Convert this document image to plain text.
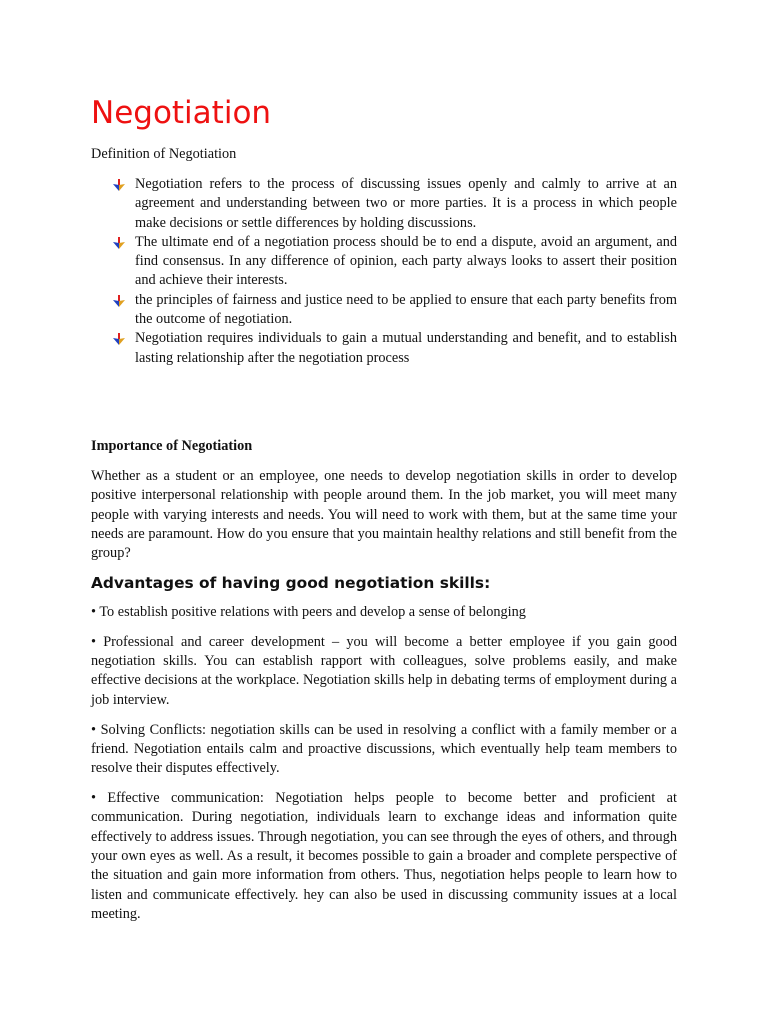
Negotiation

Definition of Negotiation

Negotiation refers to the process of discussing issues openly and calmly to arrive at an agreement and understanding between two or more parties. It is a process in which people make decisions or settle differences by holding discussions.
The ultimate end of a negotiation process should be to end a dispute, avoid an argument, and find consensus. In any difference of opinion, each party always looks to assert their position and achieve their interests.
the principles of fairness and justice need to be applied to ensure that each party benefits from the outcome of negotiation.
Negotiation requires individuals to gain a mutual understanding and benefit, and to establish lasting relationship after the negotiation process

Importance of Negotiation

Whether as a student or an employee, one needs to develop negotiation skills in order to develop positive interpersonal relationship with people around them. In the job market, you will meet many people with varying interests and needs. You will need to work with them, but at the same time your needs are paramount. How do you ensure that you maintain healthy relations and still benefit from the group?

Advantages of having good negotiation skills:

• To establish positive relations with peers and develop a sense of belonging

• Professional and career development – you will become a better employee if you gain good negotiation skills. You can establish rapport with colleagues, solve problems easily, and make effective decisions at the workplace. Negotiation skills help in debating terms of employment during a job interview.

• Solving Conflicts: negotiation skills can be used in resolving a conflict with a family member or a friend. Negotiation entails calm and proactive discussions, which eventually help team members to resolve their disputes effectively.

• Effective communication: Negotiation helps people to become better and proficient at communication. During negotiation, individuals learn to exchange ideas and information quite effectively to address issues. Through negotiation, you can see through the eyes of others, and through your own eyes as well. As a result, it becomes possible to gain a broader and complete perspective of the situation and gain more information from others. Thus, negotiation helps people to learn how to listen and communicate effectively. hey can also be used in discussing community issues at a local meeting.
